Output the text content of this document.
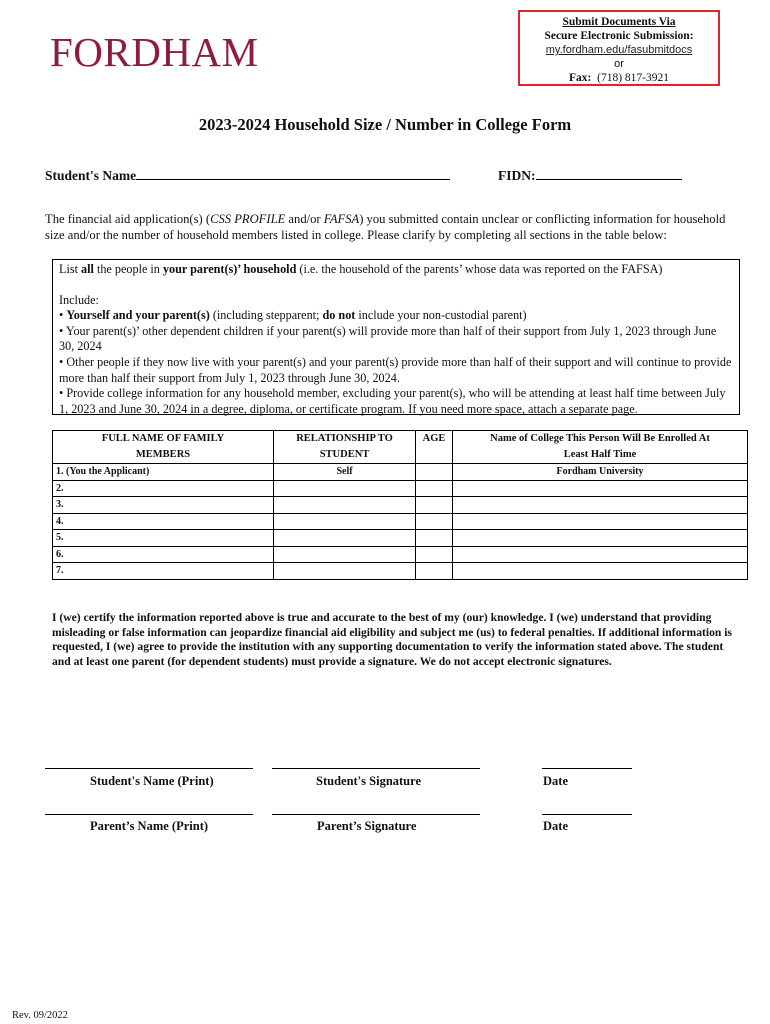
FORDHAM
Submit Documents Via
Secure Electronic Submission:
my.fordham.edu/fasubmitdocs
or
Fax: (718) 817-3921
2023-2024 Household Size / Number in College Form
Student's Name	FIDN:
The financial aid application(s) (CSS PROFILE and/or FAFSA) you submitted contain unclear or conflicting information for household size and/or the number of household members listed in college. Please clarify by completing all sections in the table below:

List all the people in your parent(s)’ household (i.e. the household of the parents’ whose data was reported on the FAFSA)

Include:

• Yourself and your parent(s) (including stepparent; do not include your non-custodial parent)

• Your parent(s)’ other dependent children if your parent(s) will provide more than half of their support from July 1, 2023 through June 30, 2024

• Other people if they now live with your parent(s) and your parent(s) provide more than half of their support and will continue to provide more than half their support from July 1, 2023 through June 30, 2024.

• Provide college information for any household member, excluding your parent(s), who will be attending at least half time between July 1, 2023 and June 30, 2024 in a degree, diploma, or certificate program. If you need more space, attach a separate page.

FULL NAME OF FAMILY MEMBERS	RELATIONSHIP TO STUDENT	AGE	Name of College This Person Will Be Enrolled At Least Half Time
1. (You the Applicant)	Self		Fordham University
2.			
3.			
4.			
5.			
6.			
7.			
I (we) certify the information reported above is true and accurate to the best of my (our) knowledge. I (we) understand that providing misleading or false information can jeopardize financial aid eligibility and subject me (us) to federal penalties. If additional information is requested, I (we) agree to provide the institution with any supporting documentation to verify the information stated above. The student and at least one parent (for dependent students) must provide a signature. We do not accept electronic signatures.
Student's Name (Print)	Student's Signature	Date
Parent’s Name (Print)	Parent’s Signature	Date
Rev. 09/2022
